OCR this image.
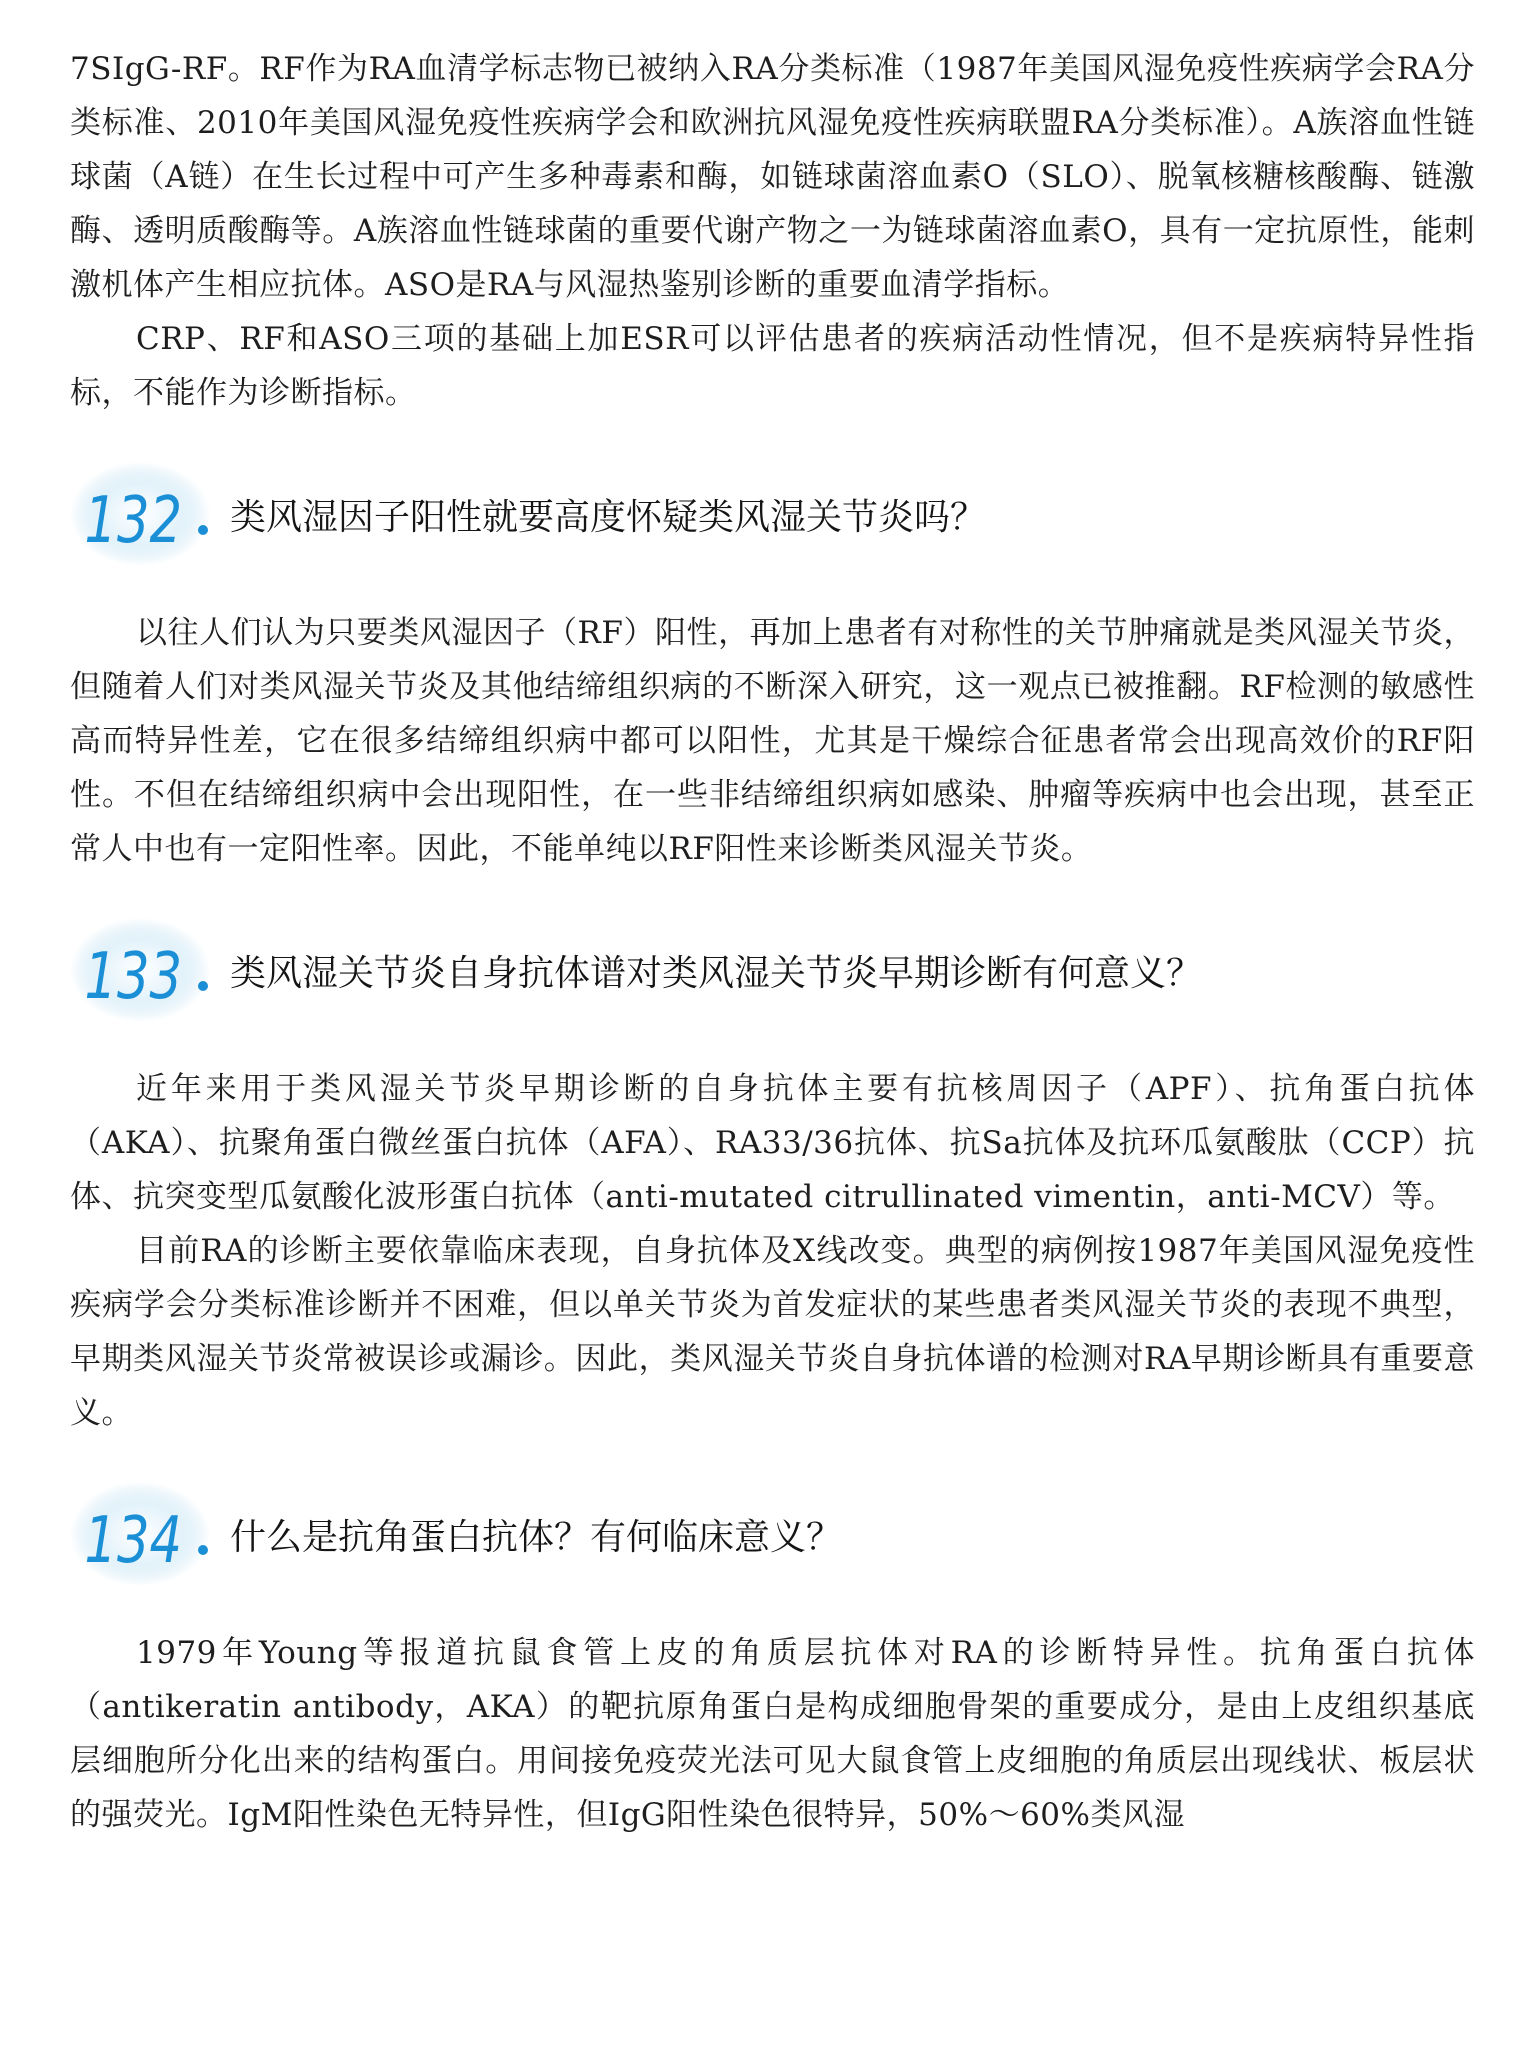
7SIgG-RF。RF作为RA血清学标志物已被纳入RA分类标准（1987年美国风湿免疫性疾病学会RA分类标准、2010年美国风湿免疫性疾病学会和欧洲抗风湿免疫性疾病联盟RA分类标准）。A族溶血性链球菌（A链）在生长过程中可产生多种毒素和酶，如链球菌溶血素O（SLO）、脱氧核糖核酸酶、链激酶、透明质酸酶等。A族溶血性链球菌的重要代谢产物之一为链球菌溶血素O，具有一定抗原性，能刺激机体产生相应抗体。ASO是RA与风湿热鉴别诊断的重要血清学指标。

CRP、RF和ASO三项的基础上加ESR可以评估患者的疾病活动性情况，但不是疾病特异性指标，不能作为诊断指标。

132 类风湿因子阳性就要高度怀疑类风湿关节炎吗？

以往人们认为只要类风湿因子（RF）阳性，再加上患者有对称性的关节肿痛就是类风湿关节炎，但随着人们对类风湿关节炎及其他结缔组织病的不断深入研究，这一观点已被推翻。RF检测的敏感性高而特异性差，它在很多结缔组织病中都可以阳性，尤其是干燥综合征患者常会出现高效价的RF阳性。不但在结缔组织病中会出现阳性，在一些非结缔组织病如感染、肿瘤等疾病中也会出现，甚至正常人中也有一定阳性率。因此，不能单纯以RF阳性来诊断类风湿关节炎。

133 类风湿关节炎自身抗体谱对类风湿关节炎早期诊断有何意义？

近年来用于类风湿关节炎早期诊断的自身抗体主要有抗核周因子（APF）、抗角蛋白抗体（AKA）、抗聚角蛋白微丝蛋白抗体（AFA）、RA33/36抗体、抗Sa抗体及抗环瓜氨酸肽（CCP）抗体、抗突变型瓜氨酸化波形蛋白抗体（anti-mutated citrullinated vimentin，anti-MCV）等。

目前RA的诊断主要依靠临床表现，自身抗体及X线改变。典型的病例按1987年美国风湿免疫性疾病学会分类标准诊断并不困难，但以单关节炎为首发症状的某些患者类风湿关节炎的表现不典型，早期类风湿关节炎常被误诊或漏诊。因此，类风湿关节炎自身抗体谱的检测对RA早期诊断具有重要意义。

134 什么是抗角蛋白抗体？有何临床意义？

1979年Young等报道抗鼠食管上皮的角质层抗体对RA的诊断特异性。抗角蛋白抗体（antikeratin antibody，AKA）的靶抗原角蛋白是构成细胞骨架的重要成分，是由上皮组织基底层细胞所分化出来的结构蛋白。用间接免疫荧光法可见大鼠食管上皮细胞的角质层出现线状、板层状的强荧光。IgM阳性染色无特异性，但IgG阳性染色很特异，50%～60%类风湿
